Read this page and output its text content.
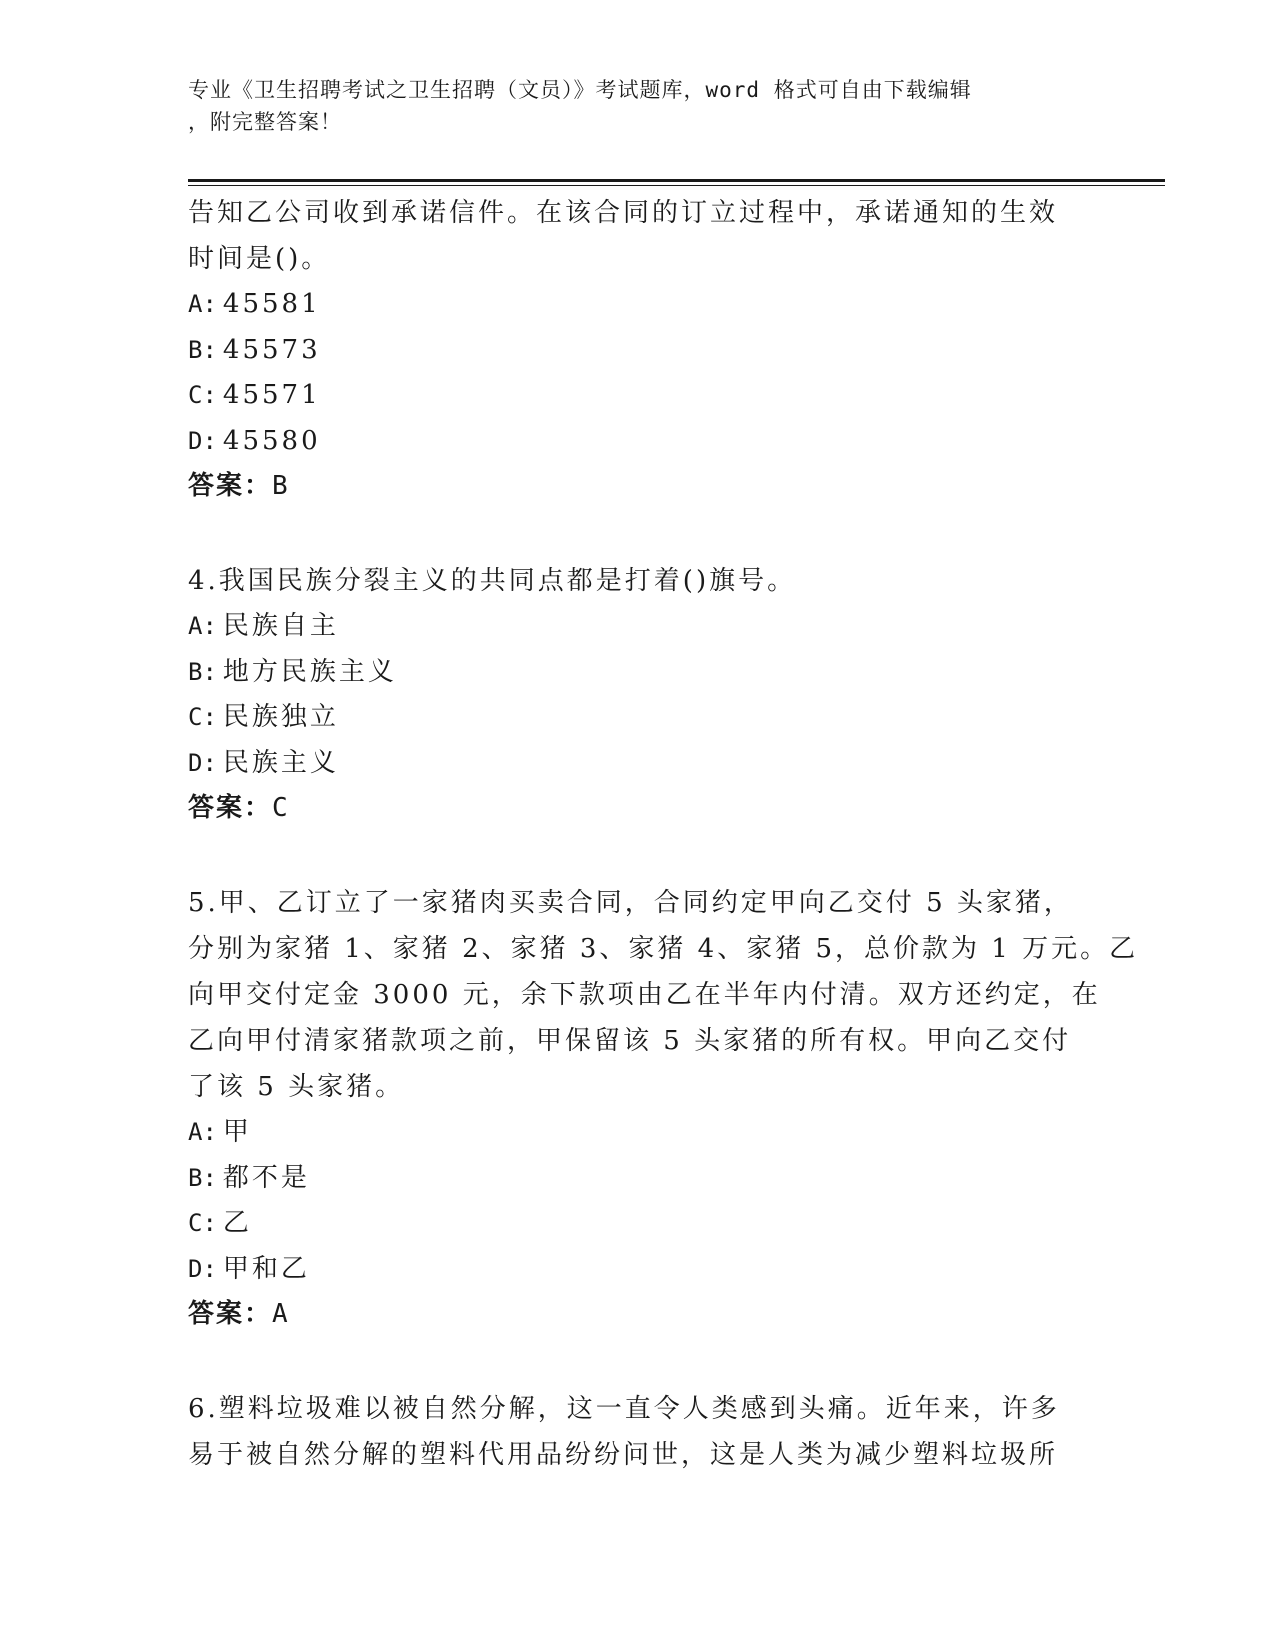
专业《卫生招聘考试之卫生招聘（文员）》考试题库，word 格式可自由下载编辑
，附完整答案！
告知乙公司收到承诺信件。在该合同的订立过程中，承诺通知的生效
时间是()。
A: 45581
B: 45573
C: 45571
D: 45580
答案：B
4.我国民族分裂主义的共同点都是打着()旗号。
A: 民族自主
B: 地方民族主义
C: 民族独立
D: 民族主义
答案：C
5.甲、乙订立了一家猪肉买卖合同，合同约定甲向乙交付 5 头家猪，
分别为家猪 1、家猪 2、家猪 3、家猪 4、家猪 5，总价款为 1 万元。乙
向甲交付定金 3000 元，余下款项由乙在半年内付清。双方还约定，在
乙向甲付清家猪款项之前，甲保留该 5 头家猪的所有权。甲向乙交付
了该 5 头家猪。
A: 甲
B: 都不是
C: 乙
D: 甲和乙
答案：A
6.塑料垃圾难以被自然分解，这一直令人类感到头痛。近年来，许多
易于被自然分解的塑料代用品纷纷问世，这是人类为减少塑料垃圾所
